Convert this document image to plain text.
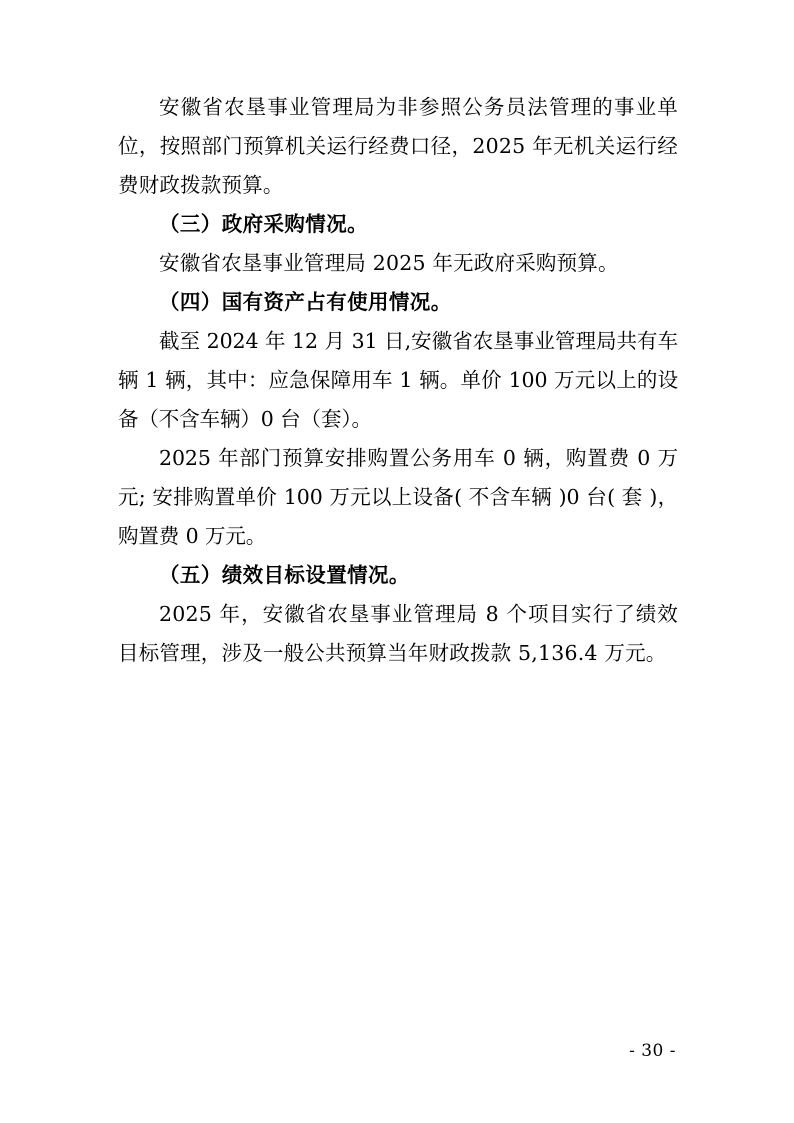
安徽省农垦事业管理局为非参照公务员法管理的事业单位，按照部门预算机关运行经费口径，2025 年无机关运行经费财政拨款预算。

（三）政府采购情况。

安徽省农垦事业管理局 2025 年无政府采购预算。

（四）国有资产占有使用情况。

截至 2024 年 12 月 31 日,安徽省农垦事业管理局共有车辆 1 辆，其中：应急保障用车 1 辆。单价 100 万元以上的设备（不含车辆）0 台（套）。

2025 年部门预算安排购置公务用车 0 辆，购置费 0 万元; 安排购置单价 100 万元以上设备( 不含车辆 )0 台( 套 )，购置费 0 万元。

（五）绩效目标设置情况。

2025 年，安徽省农垦事业管理局 8 个项目实行了绩效目标管理，涉及一般公共预算当年财政拨款 5,136.4 万元。

- 30 -
